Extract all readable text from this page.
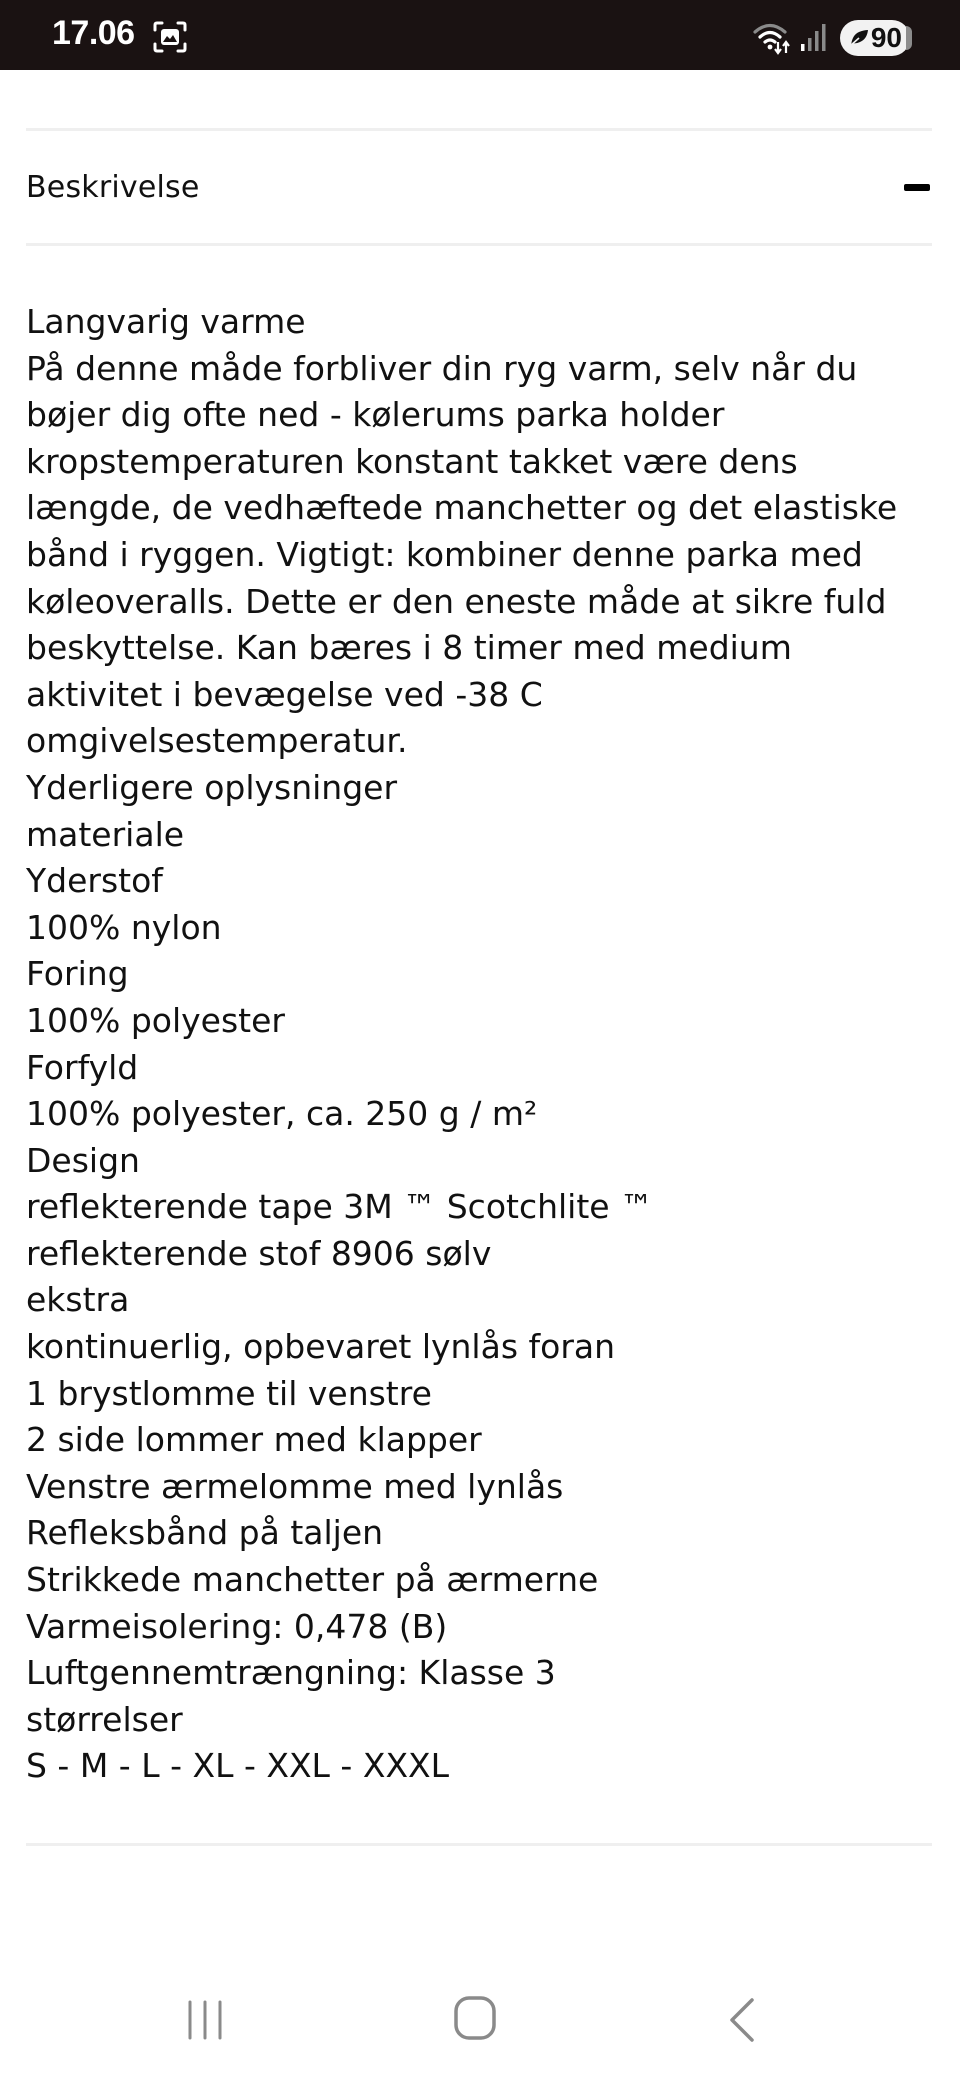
17.06	90
Beskrivelse

Langvarig varme

På denne måde forbliver din ryg varm, selv når du bøjer dig ofte ned - kølerums parka holder kropstemperaturen konstant takket være dens længde, de vedhæftede manchetter og det elastiske bånd i ryggen. Vigtigt: kombiner denne parka med køleoveralls. Dette er den eneste måde at sikre fuld beskyttelse. Kan bæres i 8 timer med medium aktivitet i bevægelse ved -38 C omgivelsestemperatur.

Yderligere oplysninger

materiale

Yderstof

100% nylon

Foring

100% polyester

Forfyld

100% polyester, ca. 250 g / m²

Design

reflekterende tape 3M ™ Scotchlite ™

reflekterende stof 8906 sølv

ekstra

kontinuerlig, opbevaret lynlås foran

1 brystlomme til venstre

2 side lommer med klapper

Venstre ærmelomme med lynlås

Refleksbånd på taljen

Strikkede manchetter på ærmerne

Varmeisolering: 0,478 (B)

Luftgennemtrængning: Klasse 3

størrelser

S - M - L - XL - XXL - XXXL
